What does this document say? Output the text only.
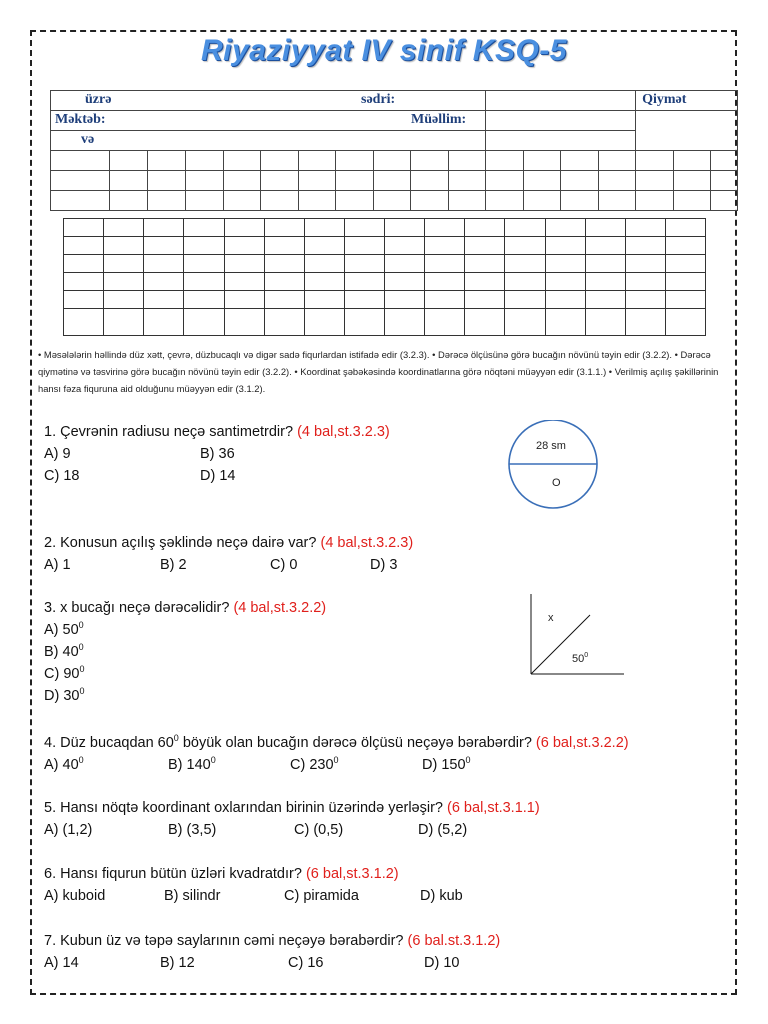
Riyaziyyat IV sinif KSQ-5
üzrə sədri:															Qiymət		

Məktəb: Müəllim:																	

və																	

• Məsələlərin həllində düz xətt, çevrə, düzbucaqlı və digər sadə fiqurlardan istifadə edir (3.2.3). • Dərəcə ölçüsünə görə bucağın növünü təyin edir (3.2.2). • Dərəcə qiymətinə və təsvirinə görə bucağın növünü təyin edir (3.2.2). • Koordinat şəbəkəsində koordinatlarına görə nöqtəni müəyyən edir (3.1.1.) • Verilmiş açılış şəkillərinin hansı fəza fiquruna aid olduğunu müəyyən edir (3.1.2).
1. Çevrənin radiusu neçə santimetrdir? (4 bal,st.3.2.3)
A) 9	B) 36
C) 18	D) 14
28 sm
O
2. Konusun açılış şəklində neçə dairə var? (4 bal,st.3.2.3)
A) 1	B) 2	C) 0	D) 3
3. x bucağı neçə dərəcəlidir? (4 bal,st.3.2.2)
A) $50^0$
B) $40^0$
C) $90^0$
D) $30^0$
x
$50^0$
4. Düz bucaqdan $60^0$ böyük olan bucağın dərəcə ölçüsü neçəyə bərabərdir? (6 bal,st.3.2.2)
A) $40^0$	B) $140^0$	C) $230^0$	D) $150^0$
5. Hansı nöqtə koordinant oxlarından birinin üzərində yerləşir? (6 bal,st.3.1.1)
A) (1,2)	B) (3,5)	C) (0,5)	D) (5,2)
6. Hansı fiqurun bütün üzləri kvadratdır? (6 bal,st.3.1.2)
A) kuboid	B) silindr	C) piramida	D) kub
7. Kubun üz və təpə saylarının cəmi neçəyə bərabərdir? (6 bal.st.3.1.2)
A) 14	B) 12	C) 16	D) 10
